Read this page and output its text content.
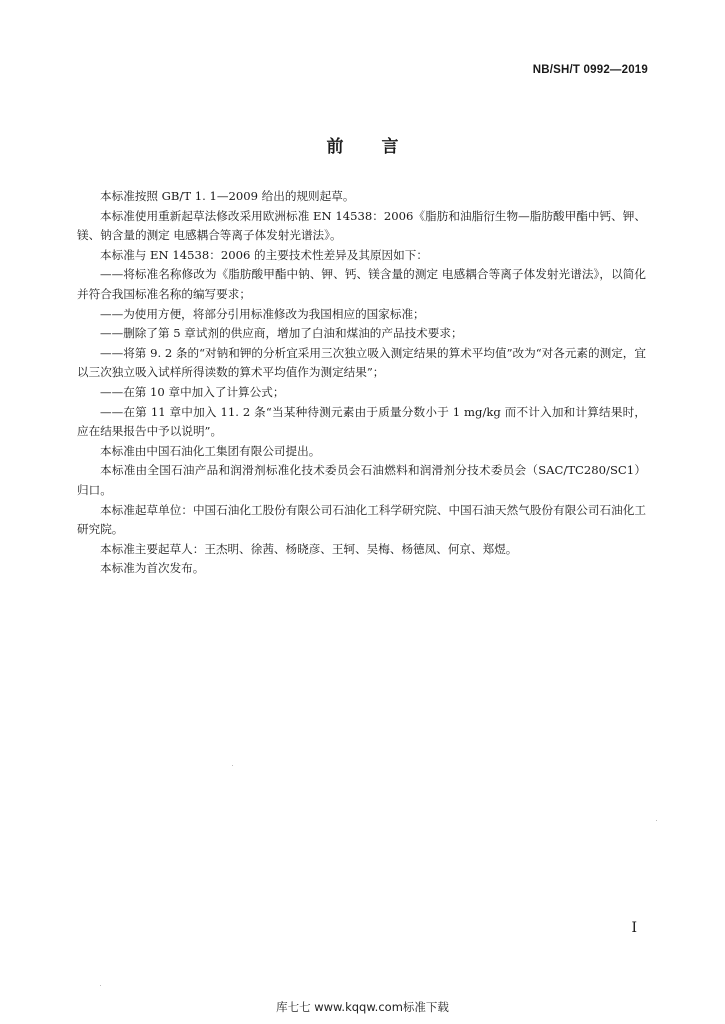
NB/SH/T 0992—2019
前言

本标准按照 GB/T 1. 1—2009 给出的规则起草。

本标准使用重新起草法修改采用欧洲标准 EN 14538：2006《脂肪和油脂衍生物—脂肪酸甲酯中钙、钾、镁、钠含量的测定 电感耦合等离子体发射光谱法》。

本标准与 EN 14538：2006 的主要技术性差异及其原因如下：

——将标准名称修改为《脂肪酸甲酯中钠、钾、钙、镁含量的测定 电感耦合等离子体发射光谱法》，以简化并符合我国标准名称的编写要求；

——为使用方便，将部分引用标准修改为我国相应的国家标准；

——删除了第 5 章试剂的供应商，增加了白油和煤油的产品技术要求；

——将第 9. 2 条的“对钠和钾的分析宜采用三次独立吸入测定结果的算术平均值”改为“对各元素的测定，宜以三次独立吸入试样所得读数的算术平均值作为测定结果”；

——在第 10 章中加入了计算公式；

——在第 11 章中加入 11. 2 条“当某种待测元素由于质量分数小于 1 mg/kg 而不计入加和计算结果时，应在结果报告中予以说明”。

本标准由中国石油化工集团有限公司提出。

本标准由全国石油产品和润滑剂标准化技术委员会石油燃料和润滑剂分技术委员会（SAC/TC280/SC1）归口。

本标准起草单位：中国石油化工股份有限公司石油化工科学研究院、中国石油天然气股份有限公司石油化工研究院。

本标准主要起草人：王杰明、徐茜、杨晓彦、王轲、吴梅、杨德凤、何京、郑煜。

本标准为首次发布。

I
库七七 www.kqqw.com标准下载
